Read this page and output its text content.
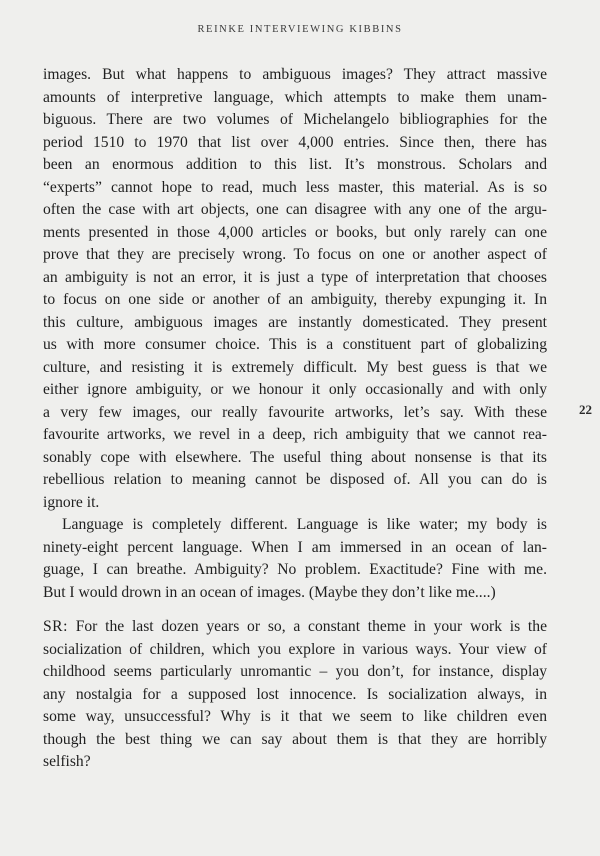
REINKE INTERVIEWING KIBBINS
images. But what happens to ambiguous images? They attract massive
amounts of interpretive language, which attempts to make them unam-
biguous. There are two volumes of Michelangelo bibliographies for the
period 1510 to 1970 that list over 4,000 entries. Since then, there has
been an enormous addition to this list. It’s monstrous. Scholars and
“experts” cannot hope to read, much less master, this material. As is so
often the case with art objects, one can disagree with any one of the argu-
ments presented in those 4,000 articles or books, but only rarely can one
prove that they are precisely wrong. To focus on one or another aspect of
an ambiguity is not an error, it is just a type of interpretation that chooses
to focus on one side or another of an ambiguity, thereby expunging it. In
this culture, ambiguous images are instantly domesticated. They present
us with more consumer choice. This is a constituent part of globalizing
culture, and resisting it is extremely difficult. My best guess is that we
either ignore ambiguity, or we honour it only occasionally and with only
a very few images, our really favourite artworks, let’s say. With these
favourite artworks, we revel in a deep, rich ambiguity that we cannot rea-
sonably cope with elsewhere. The useful thing about nonsense is that its
rebellious relation to meaning cannot be disposed of. All you can do is
ignore it.
Language is completely different. Language is like water; my body is
ninety-eight percent language. When I am immersed in an ocean of lan-
guage, I can breathe. Ambiguity? No problem. Exactitude? Fine with me.
But I would drown in an ocean of images. (Maybe they don’t like me....)
SR: For the last dozen years or so, a constant theme in your work is the
socialization of children, which you explore in various ways. Your view of
childhood seems particularly unromantic – you don’t, for instance, display
any nostalgia for a supposed lost innocence. Is socialization always, in
some way, unsuccessful? Why is it that we seem to like children even
though the best thing we can say about them is that they are horribly
selfish?
22
